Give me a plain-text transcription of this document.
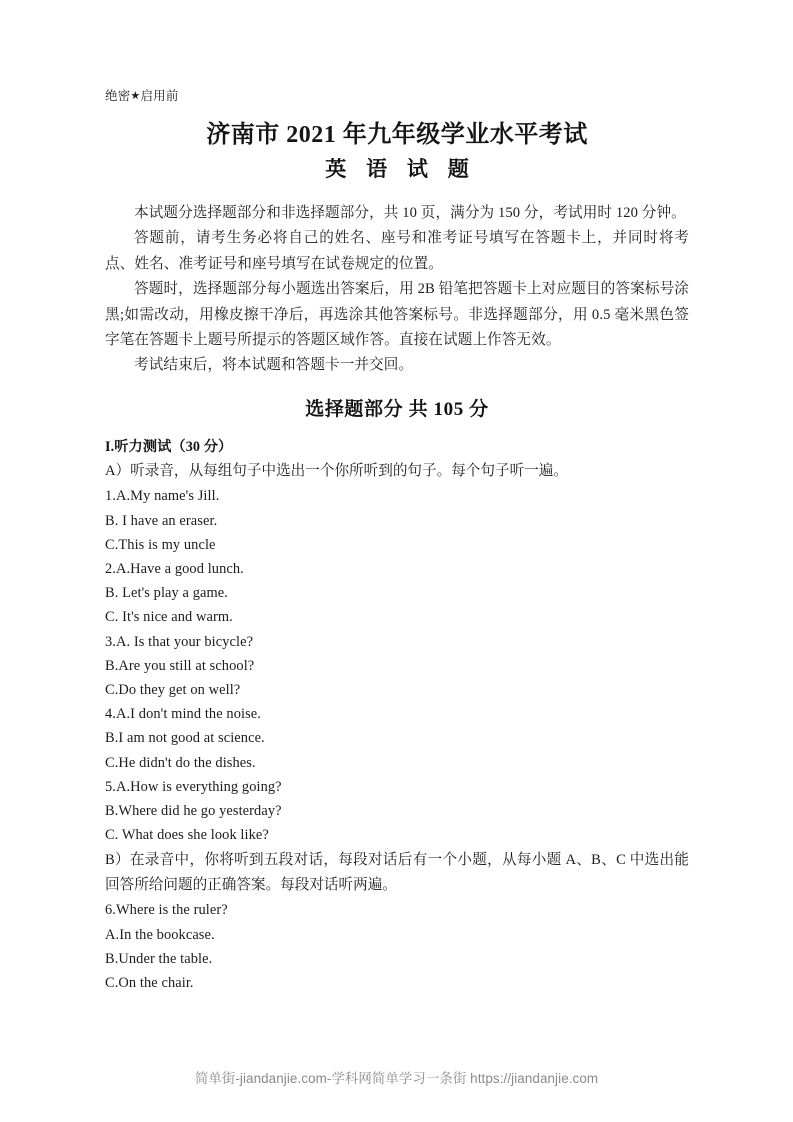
绝密★启用前

济南市 2021 年九年级学业水平考试
英 语 试 题

本试题分选择题部分和非选择题部分，共 10 页，满分为 150 分，考试用时 120 分钟。

答题前，请考生务必将自己的姓名、座号和准考证号填写在答题卡上，并同时将考点、姓名、准考证号和座号填写在试卷规定的位置。

答题时，选择题部分每小题选出答案后，用 2B 铅笔把答题卡上对应题目的答案标号涂黑;如需改动，用橡皮擦干净后，再选涂其他答案标号。非选择题部分，用 0.5 毫米黑色签字笔在答题卡上题号所提示的答题区域作答。直接在试题上作答无效。

考试结束后，将本试题和答题卡一并交回。

选择题部分 共 105 分

I.听力测试（30 分）

A）听录音，从每组句子中选出一个你所听到的句子。每个句子听一遍。

1.A.My name's Jill.

B. I have an eraser.

C.This is my uncle

2.A.Have a good lunch.

B. Let's play a game.

C. It's nice and warm.

3.A. Is that your bicycle?

B.Are you still at school?

C.Do they get on well?

4.A.I don't mind the noise.

B.I am not good at science.

C.He didn't do the dishes.

5.A.How is everything going?

B.Where did he go yesterday?

C. What does she look like?

B）在录音中，你将听到五段对话，每段对话后有一个小题，从每小题 A、B、C 中选出能回答所给问题的正确答案。每段对话听两遍。

6.Where is the ruler?

A.In the bookcase.

B.Under the table.

C.On the chair.

简单街-jiandanjie.com-学科网简单学习一条街 https://jiandanjie.com
